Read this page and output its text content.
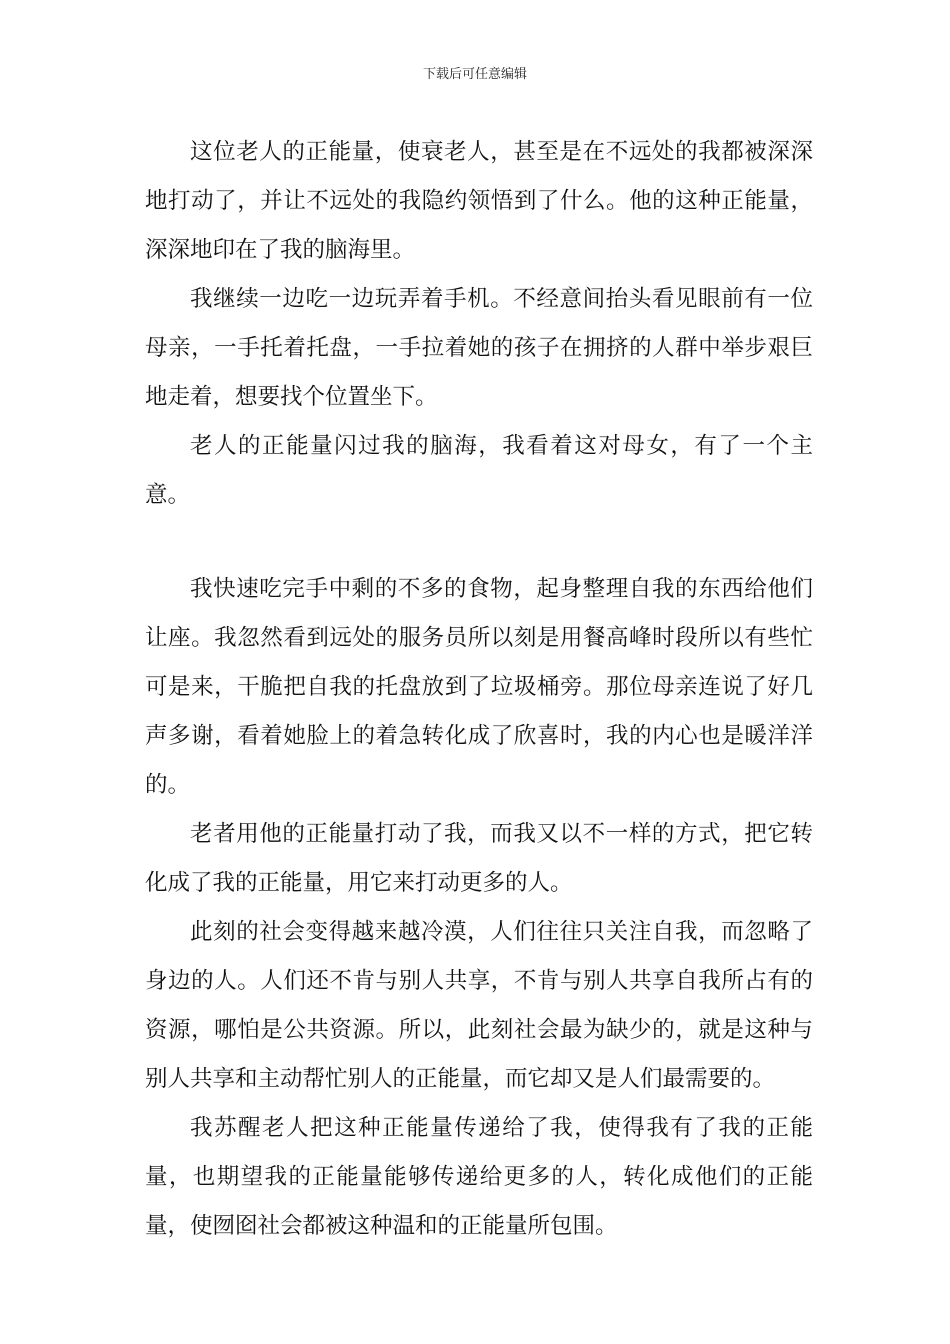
下载后可任意编辑

这位老人的正能量，使衰老人，甚至是在不远处的我都被深深地打动了，并让不远处的我隐约领悟到了什么。他的这种正能量，深深地印在了我的脑海里。

我继续一边吃一边玩弄着手机。不经意间抬头看见眼前有一位母亲，一手托着托盘，一手拉着她的孩子在拥挤的人群中举步艰巨地走着，想要找个位置坐下。

老人的正能量闪过我的脑海，我看着这对母女，有了一个主意。

我快速吃完手中剩的不多的食物，起身整理自我的东西给他们让座。我忽然看到远处的服务员所以刻是用餐高峰时段所以有些忙可是来，干脆把自我的托盘放到了垃圾桶旁。那位母亲连说了好几声多谢，看着她脸上的着急转化成了欣喜时，我的内心也是暖洋洋的。

老者用他的正能量打动了我，而我又以不一样的方式，把它转化成了我的正能量，用它来打动更多的人。

此刻的社会变得越来越冷漠，人们往往只关注自我，而忽略了身边的人。人们还不肯与别人共享，不肯与别人共享自我所占有的资源，哪怕是公共资源。所以，此刻社会最为缺少的，就是这种与别人共享和主动帮忙别人的正能量，而它却又是人们最需要的。

我苏醒老人把这种正能量传递给了我，使得我有了我的正能量，也期望我的正能量能够传递给更多的人，转化成他们的正能量，使囫囵社会都被这种温和的正能量所包围。
